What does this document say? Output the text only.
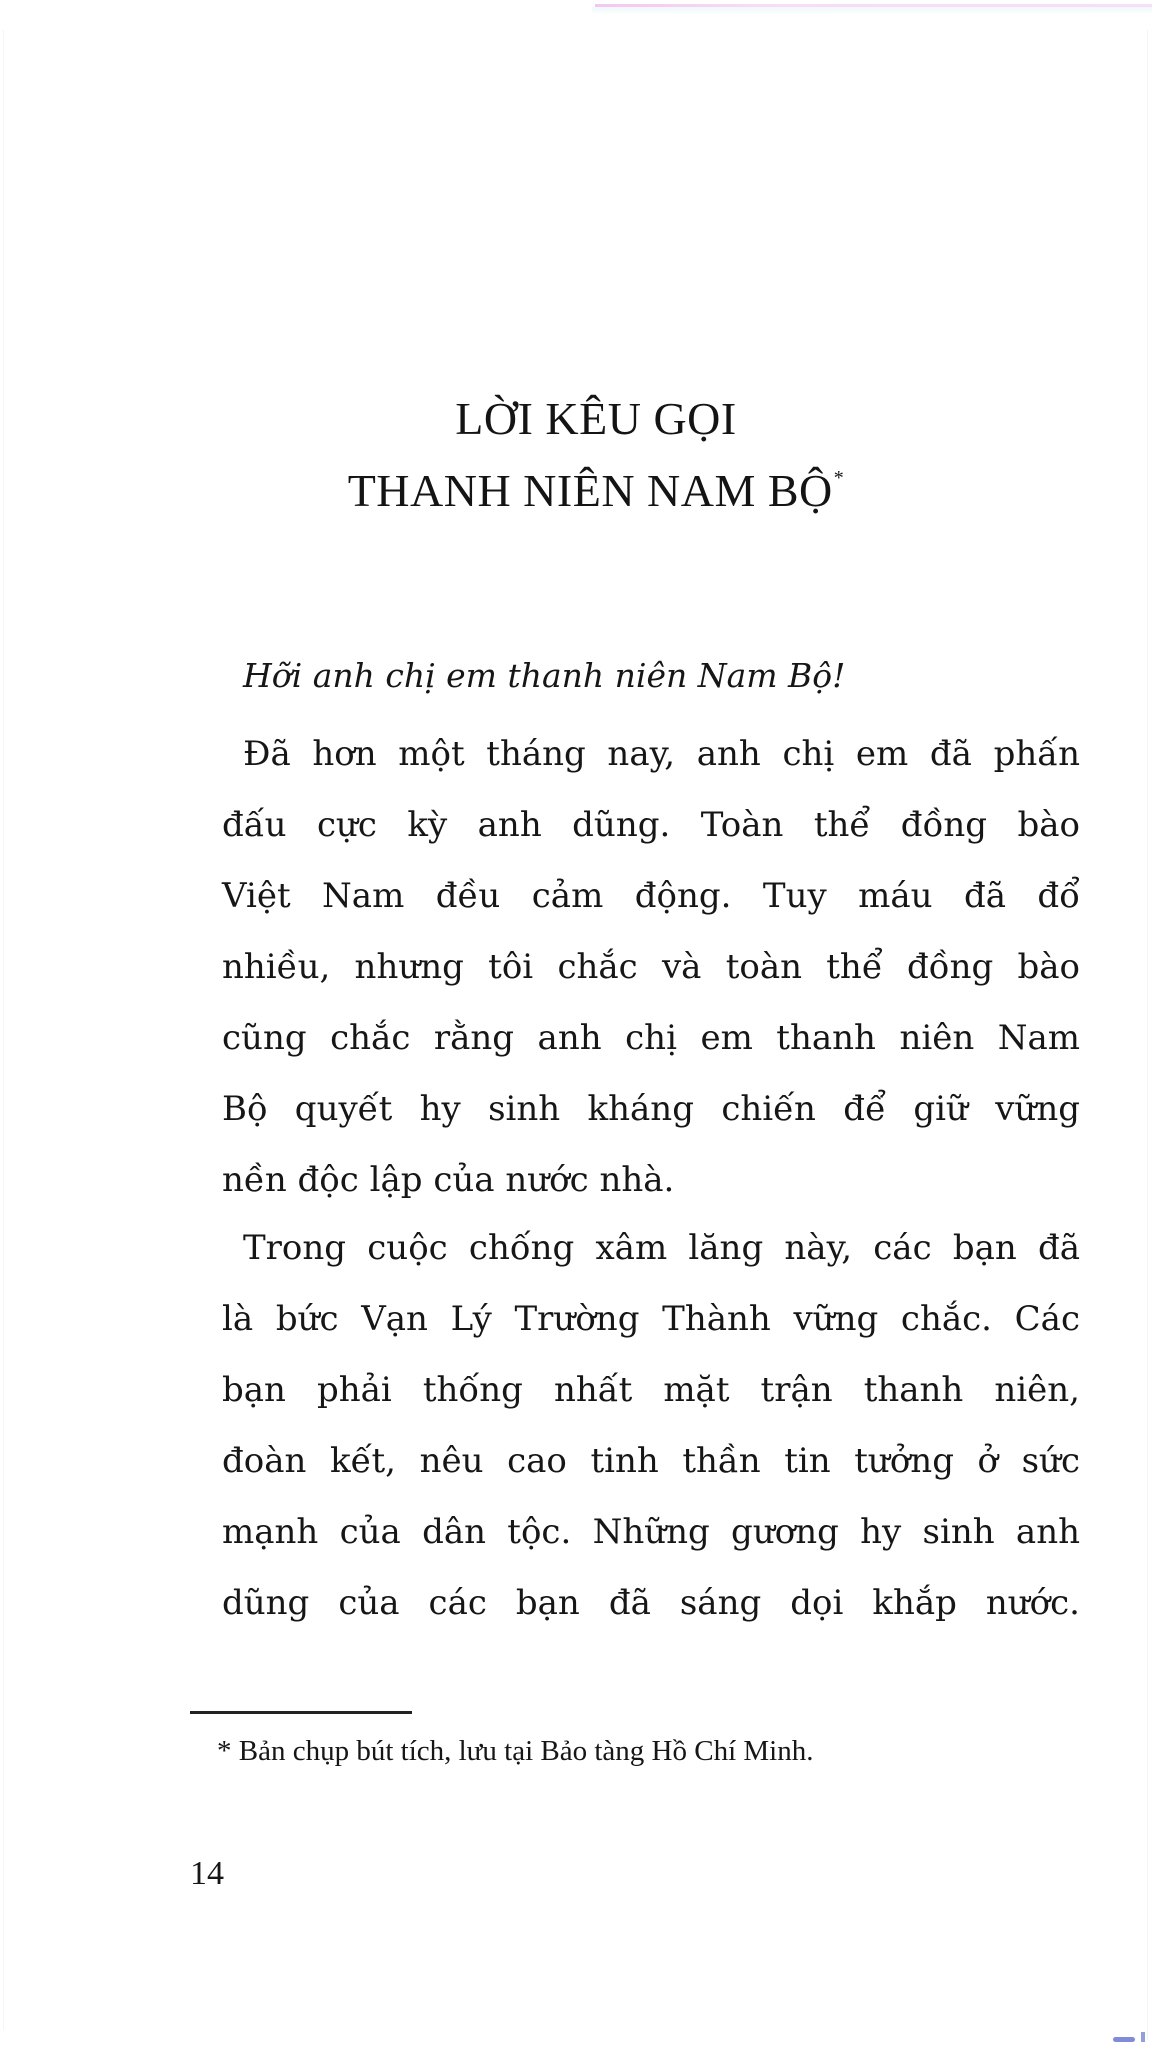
LỜI KÊU GỌI
THANH NIÊN NAM BỘ*
Hỡi anh chị em thanh niên Nam Bộ!
Đã hơn một tháng nay, anh chị em đã phấn
đấu cực kỳ anh dũng. Toàn thể đồng bào
Việt Nam đều cảm động. Tuy máu đã đổ
nhiều, nhưng tôi chắc và toàn thể đồng bào
cũng chắc rằng anh chị em thanh niên Nam
Bộ quyết hy sinh kháng chiến để giữ vững
nền độc lập của nước nhà.
Trong cuộc chống xâm lăng này, các bạn đã
là bức Vạn Lý Trường Thành vững chắc. Các
bạn phải thống nhất mặt trận thanh niên,
đoàn kết, nêu cao tinh thần tin tưởng ở sức
mạnh của dân tộc. Những gương hy sinh anh
dũng của các bạn đã sáng dọi khắp nước.
* Bản chụp bút tích, lưu tại Bảo tàng Hồ Chí Minh.
14
